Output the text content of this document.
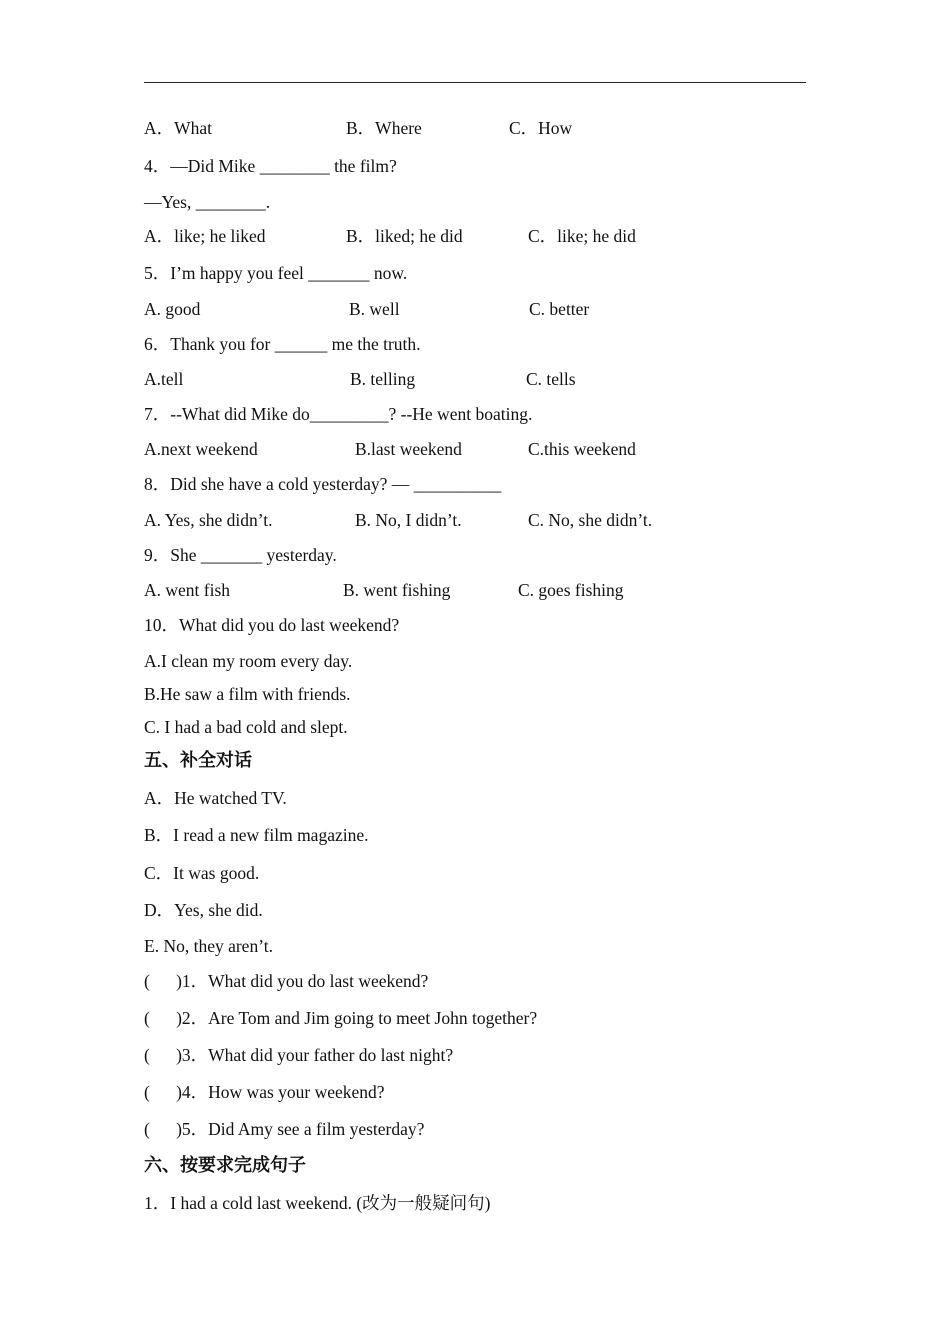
A．What	B．Where	C．How
4．—Did Mike ________ the film?
—Yes, ________.
A．like; he liked	B．liked; he did	C．like; he did
5．I’m happy you feel _______ now.
A. good	B. well	C. better
6．Thank you for ______ me the truth.
A.tell	B. telling	C. tells
7．--What did Mike do_________? --He went boating.
A.next weekend	B.last weekend	C.this weekend
8．Did she have a cold yesterday? — __________
A. Yes, she didn’t.	B. No, I didn’t.	C. No, she didn’t.
9．She _______ yesterday.
A. went fish	B. went fishing	C. goes fishing
10．What did you do last weekend?
A.I clean my room every day.
B.He saw a film with friends.
C. I had a bad cold and slept.
五、补全对话
A．He watched TV.
B．I read a new film magazine.
C．It was good.
D．Yes, she did.
E. No, they aren’t.
(      )1．What did you do last weekend?
(      )2．Are Tom and Jim going to meet John together?
(      )3．What did your father do last night?
(      )4．How was your weekend?
(      )5．Did Amy see a film yesterday?
六、按要求完成句子
1．I had a cold last weekend. (改为一般疑问句)
